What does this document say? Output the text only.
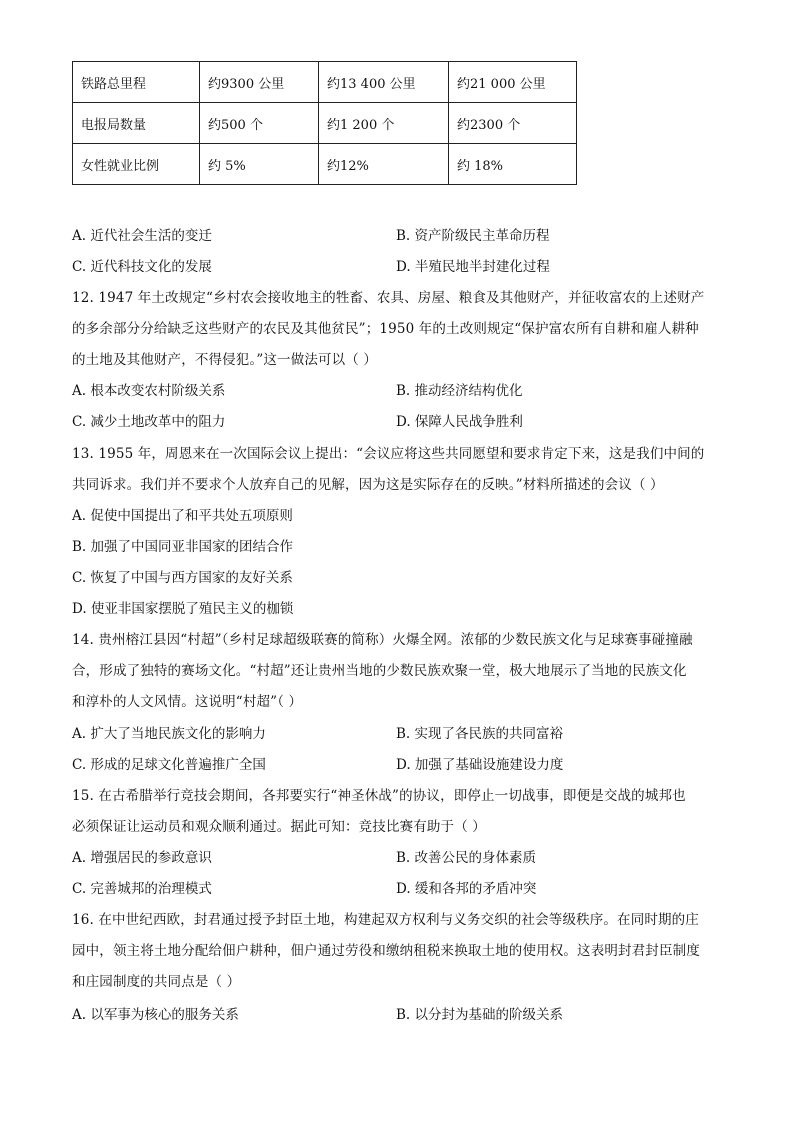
铁路总里程	约9300 公里	约13 400 公里	约21 000 公里
电报局数量	约500 个	约1 200 个	约2300 个
女性就业比例	约 5%	约12%	约 18%
A. 近代社会生活的变迁	B. 资产阶级民主革命历程
C. 近代科技文化的发展	D. 半殖民地半封建化过程
12. 1947 年土改规定“乡村农会接收地主的牲畜、农具、房屋、粮食及其他财产，并征收富农的上述财产
的多余部分分给缺乏这些财产的农民及其他贫民”；1950 年的土改则规定“保护富农所有自耕和雇人耕种
的土地及其他财产，不得侵犯。”这一做法可以（ ）
A. 根本改变农村阶级关系	B. 推动经济结构优化
C. 减少土地改革中的阻力	D. 保障人民战争胜利
13. 1955 年，周恩来在一次国际会议上提出：“会议应将这些共同愿望和要求肯定下来，这是我们中间的
共同诉求。我们并不要求个人放弃自己的见解，因为这是实际存在的反映。”材料所描述的会议（ ）
A. 促使中国提出了和平共处五项原则
B. 加强了中国同亚非国家的团结合作
C. 恢复了中国与西方国家的友好关系
D. 使亚非国家摆脱了殖民主义的枷锁
14. 贵州榕江县因“村超”（乡村足球超级联赛的简称）火爆全网。浓郁的少数民族文化与足球赛事碰撞融
合，形成了独特的赛场文化。“村超”还让贵州当地的少数民族欢聚一堂，极大地展示了当地的民族文化
和淳朴的人文风情。这说明“村超”（ ）
A. 扩大了当地民族文化的影响力	B. 实现了各民族的共同富裕
C. 形成的足球文化普遍推广全国	D. 加强了基础设施建设力度
15. 在古希腊举行竞技会期间，各邦要实行“神圣休战”的协议，即停止一切战事，即便是交战的城邦也
必须保证让运动员和观众顺利通过。据此可知：竞技比赛有助于（ ）
A. 增强居民的参政意识	B. 改善公民的身体素质
C. 完善城邦的治理模式	D. 缓和各邦的矛盾冲突
16. 在中世纪西欧，封君通过授予封臣土地，构建起双方权利与义务交织的社会等级秩序。在同时期的庄
园中，领主将土地分配给佃户耕种，佃户通过劳役和缴纳租税来换取土地的使用权。这表明封君封臣制度
和庄园制度的共同点是（ ）
A. 以军事为核心的服务关系	B. 以分封为基础的阶级关系
